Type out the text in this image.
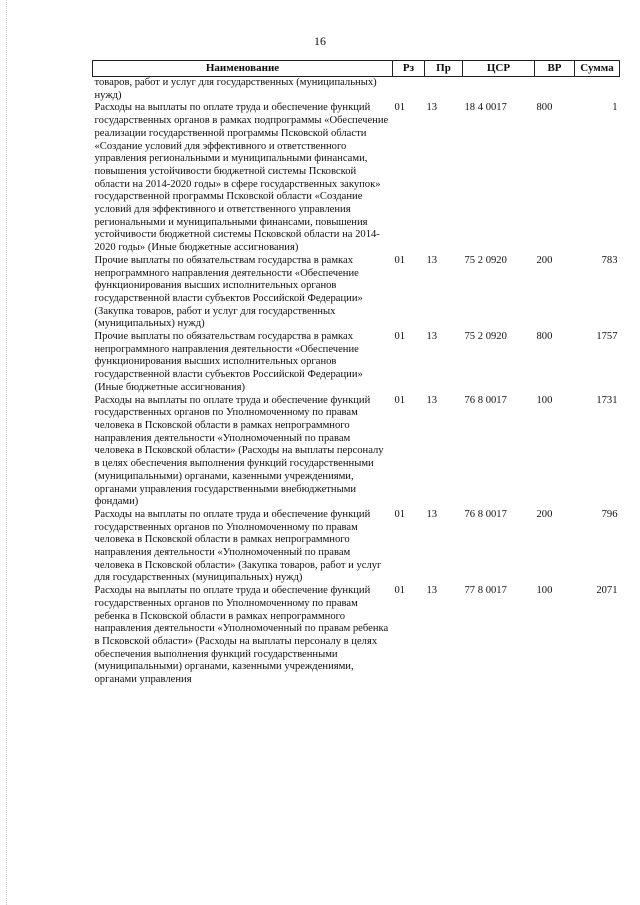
16
Наименование	Рз	Пр	ЦСР	ВР	Сумма
товаров, работ и услуг для государственных (муниципальных) нужд)					
Расходы на выплаты по оплате труда и обеспечение функций государственных органов в рамках подпрограммы «Обеспечение реализации государственной программы Псковской области «Создание условий для эффективного и ответственного управления региональными и муниципальными финансами, повышения устойчивости бюджетной системы Псковской области на 2014-2020 годы» в сфере государственных закупок» государственной программы Псковской области «Создание условий для эффективного и ответственного управления региональными и муниципальными финансами, повышения устойчивости бюджетной системы Псковской области на 2014-2020 годы» (Иные бюджетные ассигнования)	01	13	18 4 0017	800	1
Прочие выплаты по обязательствам государства в рамках непрограммного направления деятельности «Обеспечение функционирования высших исполнительных органов государственной власти субъектов Российской Федерации» (Закупка товаров, работ и услуг для государственных (муниципальных) нужд)	01	13	75 2 0920	200	783
Прочие выплаты по обязательствам государства в рамках непрограммного направления деятельности «Обеспечение функционирования высших исполнительных органов государственной власти субъектов Российской Федерации» (Иные бюджетные ассигнования)	01	13	75 2 0920	800	1757
Расходы на выплаты по оплате труда и обеспечение функций государственных органов по Уполномоченному по правам человека в Псковской области в рамках непрограммного направления деятельности «Уполномоченный по правам человека в Псковской области» (Расходы на выплаты персоналу в целях обеспечения выполнения функций государственными (муниципальными) органами, казенными учреждениями, органами управления государственными внебюджетными фондами)	01	13	76 8 0017	100	1731
Расходы на выплаты по оплате труда и обеспечение функций государственных органов по Уполномоченному по правам человека в Псковской области в рамках непрограммного направления деятельности «Уполномоченный по правам человека в Псковской области» (Закупка товаров, работ и услуг для государственных (муниципальных) нужд)	01	13	76 8 0017	200	796
Расходы на выплаты по оплате труда и обеспечение функций государственных органов по Уполномоченному по правам ребенка в Псковской области в рамках непрограммного направления деятельности «Уполномоченный по правам ребенка в Псковской области» (Расходы на выплаты персоналу в целях обеспечения выполнения функций государственными (муниципальными) органами, казенными учреждениями, органами управления	01	13	77 8 0017	100	2071
